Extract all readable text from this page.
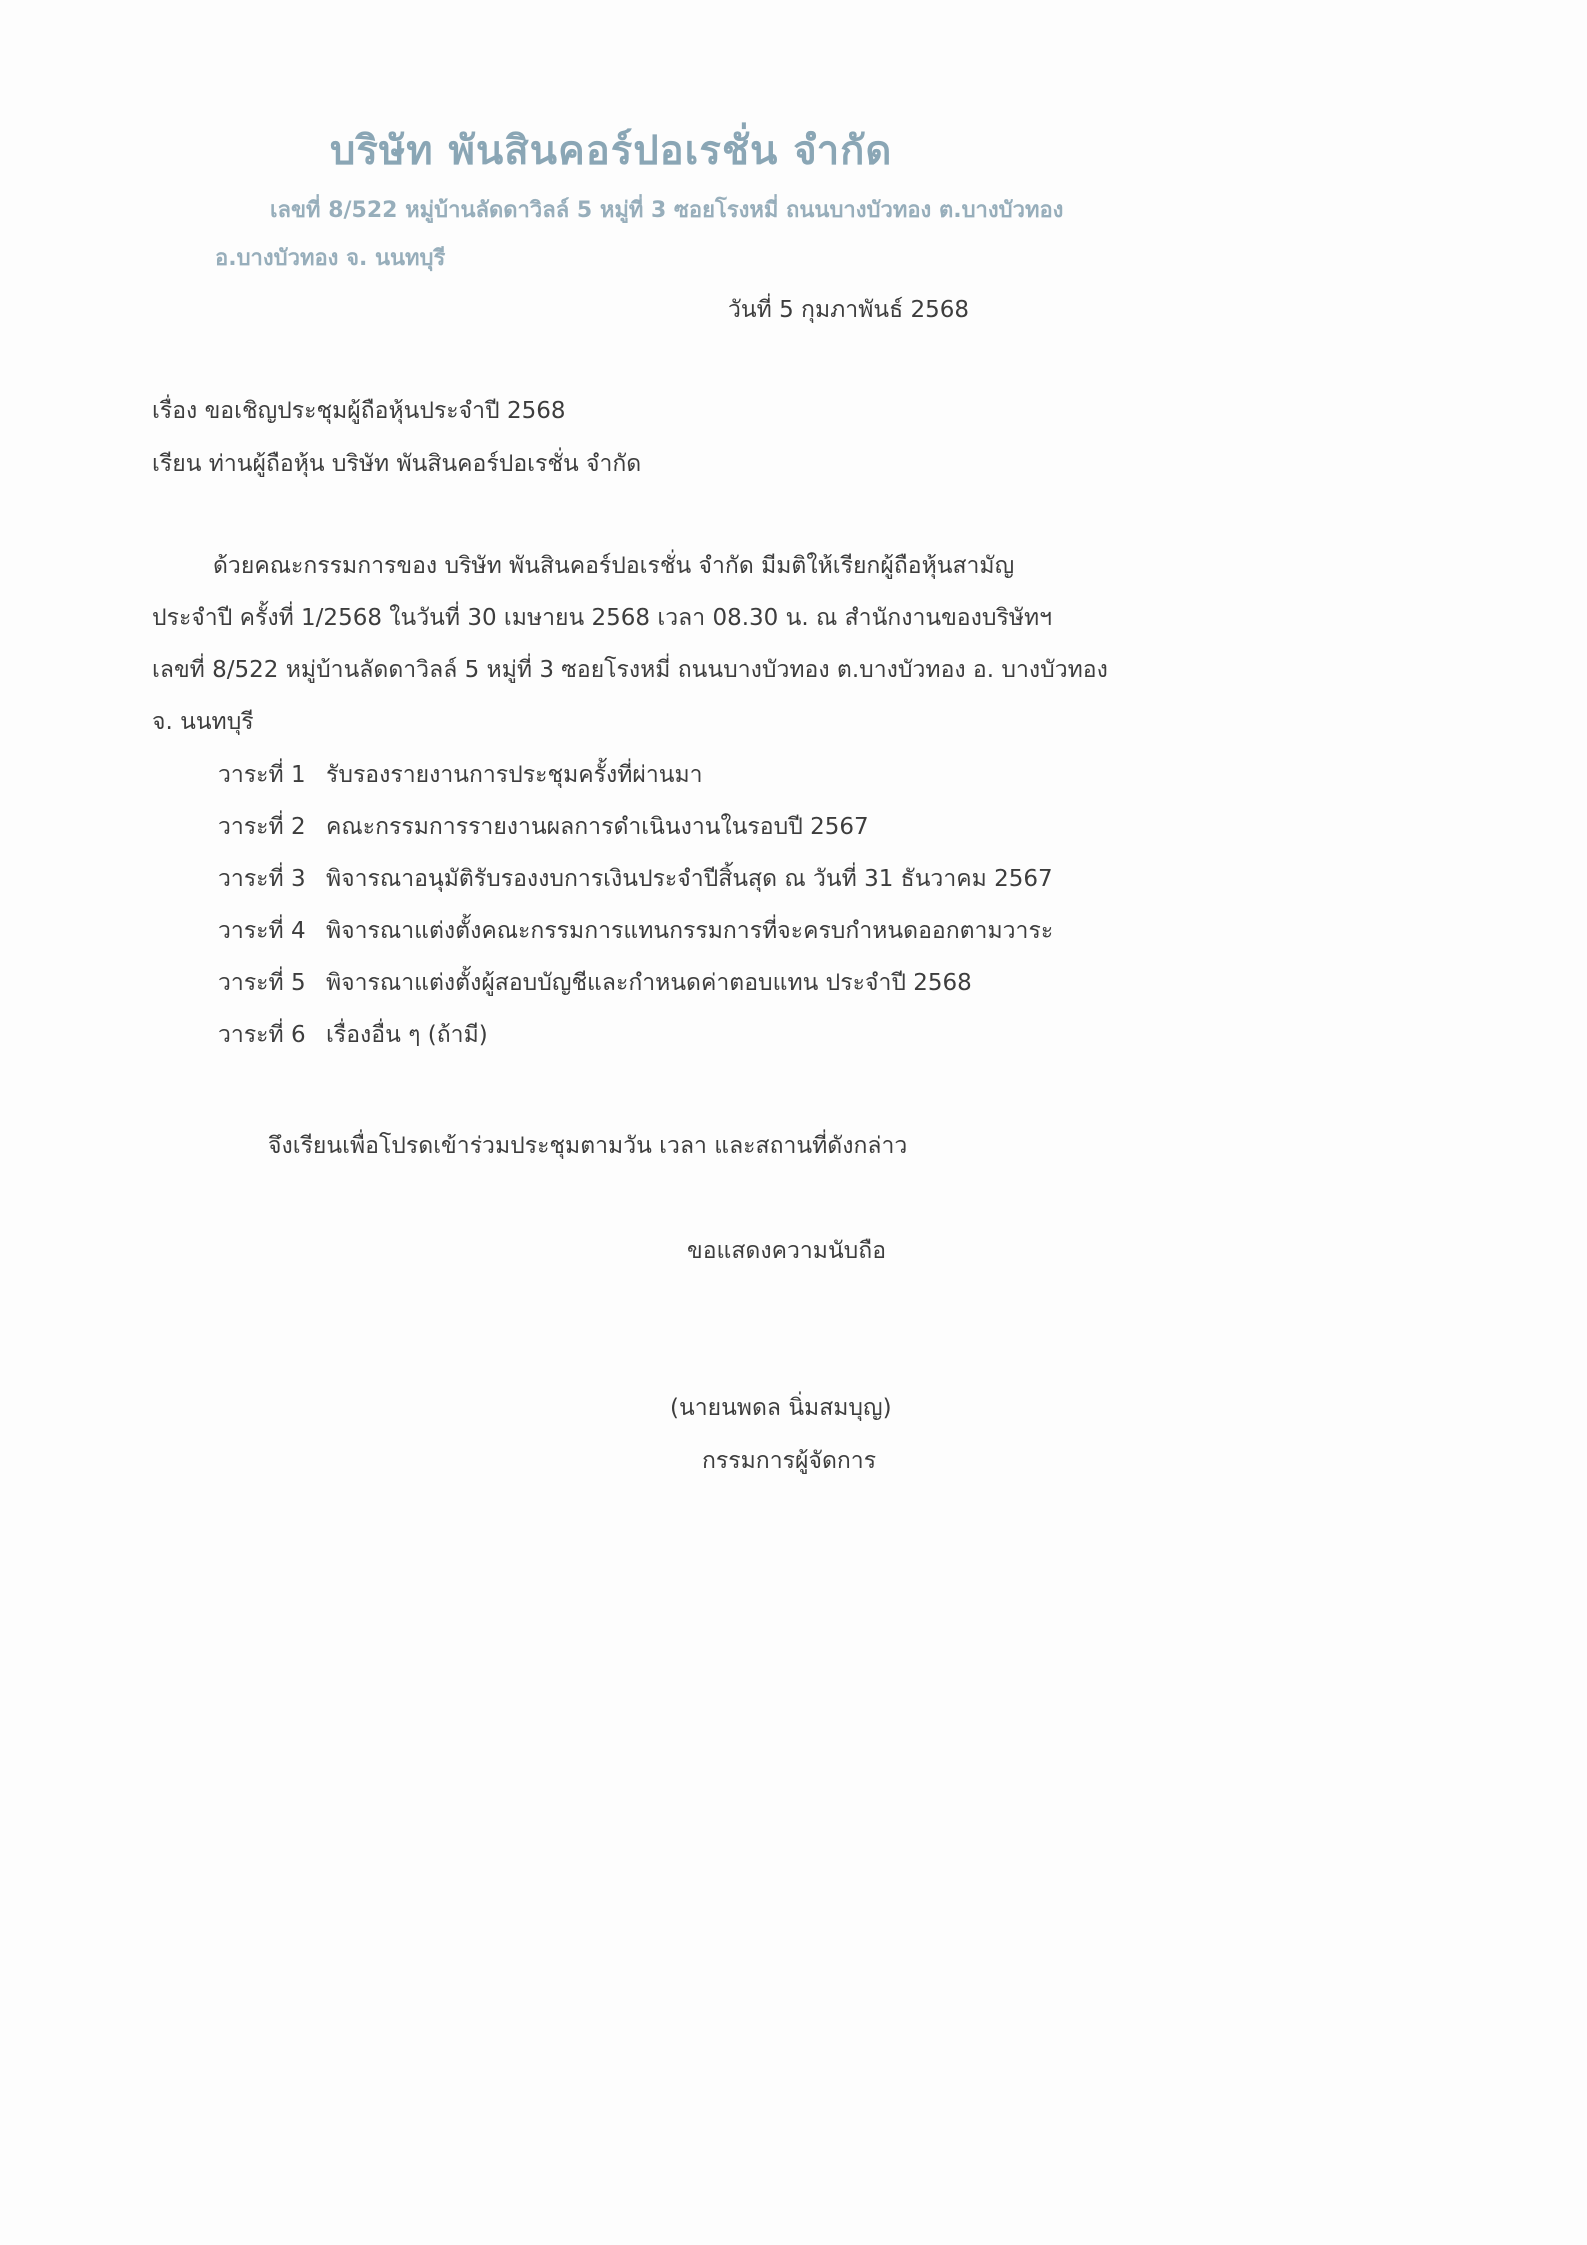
บริษัท พันสินคอร์ปอเรชั่น จำกัด
เลขที่ 8/522 หมู่บ้านลัดดาวิลล์ 5 หมู่ที่ 3 ซอยโรงหมี่ ถนนบางบัวทอง ต.บางบัวทอง
อ.บางบัวทอง จ. นนทบุรี
วันที่ 5 กุมภาพันธ์ 2568
เรื่อง ขอเชิญประชุมผู้ถือหุ้นประจำปี 2568
เรียน ท่านผู้ถือหุ้น บริษัท พันสินคอร์ปอเรชั่น จำกัด
ด้วยคณะกรรมการของ บริษัท พันสินคอร์ปอเรชั่น จำกัด มีมติให้เรียกผู้ถือหุ้นสามัญ
ประจำปี ครั้งที่ 1/2568 ในวันที่ 30 เมษายน 2568 เวลา 08.30 น. ณ สำนักงานของบริษัทฯ
เลขที่ 8/522 หมู่บ้านลัดดาวิลล์ 5 หมู่ที่ 3 ซอยโรงหมี่ ถนนบางบัวทอง ต.บางบัวทอง อ. บางบัวทอง
จ. นนทบุรี
วาระที่ 1 รับรองรายงานการประชุมครั้งที่ผ่านมา
วาระที่ 2 คณะกรรมการรายงานผลการดำเนินงานในรอบปี 2567
วาระที่ 3 พิจารณาอนุมัติรับรองงบการเงินประจำปีสิ้นสุด ณ วันที่ 31 ธันวาคม 2567
วาระที่ 4 พิจารณาแต่งตั้งคณะกรรมการแทนกรรมการที่จะครบกำหนดออกตามวาระ
วาระที่ 5 พิจารณาแต่งตั้งผู้สอบบัญชีและกำหนดค่าตอบแทน ประจำปี 2568
วาระที่ 6 เรื่องอื่น ๆ (ถ้ามี)
จึงเรียนเพื่อโปรดเข้าร่วมประชุมตามวัน เวลา และสถานที่ดังกล่าว
ขอแสดงความนับถือ
(นายนพดล นิ่มสมบุญ)
กรรมการผู้จัดการ
